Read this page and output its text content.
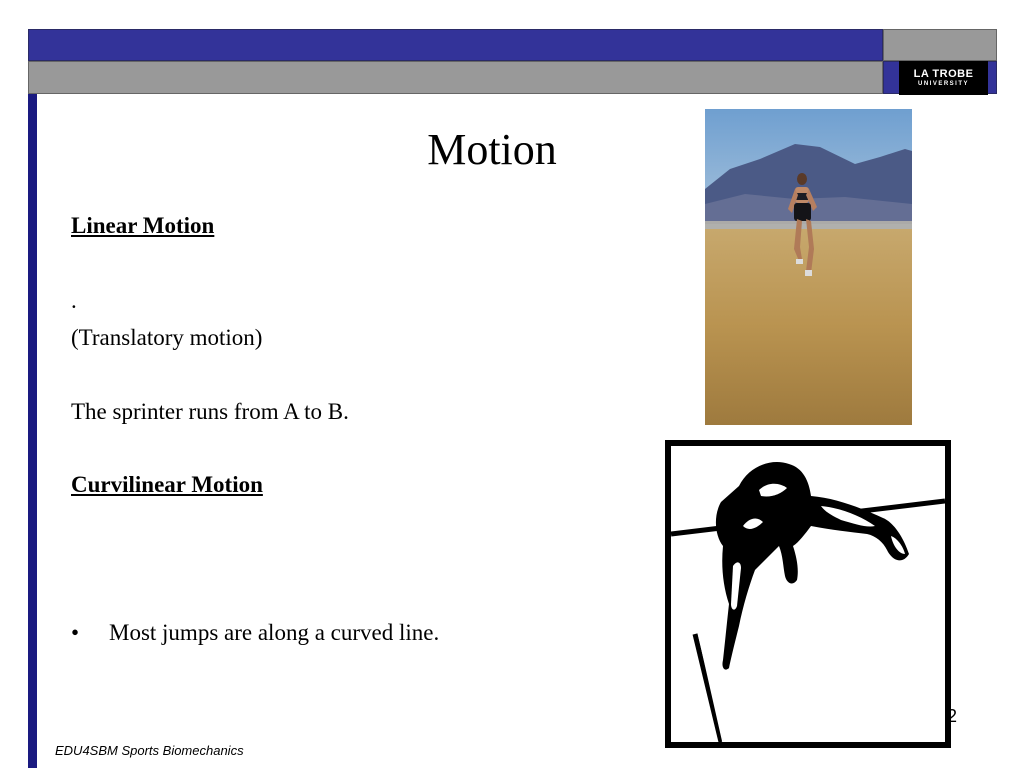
LA TROBE
UNIVERSITY
Motion
Linear Motion
.
(Translatory motion)
The sprinter runs from A to B.
Curvilinear Motion
•	Most jumps are along a curved line.
2
EDU4SBM Sports Biomechanics
